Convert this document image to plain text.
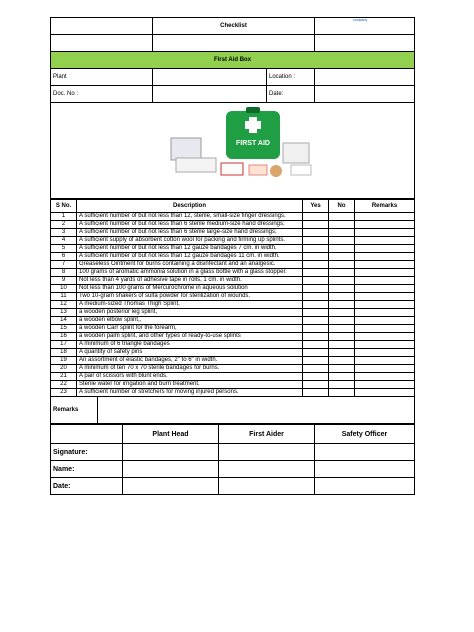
company
	Checklist		

First Aid Box			
Plant		Location :	
Doc. No :		Date:	

FIRST AID			
S No.	Description	Yes	No	Remarks
1	A sufficient number of but not less than 12, sterile, small-size finger dressings.			
2	A sufficient number of but not less than 6 sterile medium-size hand dressings;			
3	A sufficient number of but not less than 6 sterile large-size hand dressings;			
4	A sufficient supply of absorbent cotton wool for packing and firming up splints.			
5	A sufficient number of but not less than 12 gauze bandages 7 cm. in width.			
6	A sufficient number of but not less than 12 gauze bandages 11 cm. in width.			
7	Greaseless Ointment for burns containing a disinfectant and an analgesic.			
8	100 grams of aromatic ammonia solution in a glass bottle with a glass stopper.			
9	Not less than 4 yards of adhesive tape in rolls, 1 cm. in width.			
10	Not less than 100 grams of Mercurochrome in aqueous solution			
11	Two 10-gram shakers of sulfa powder for sterilization of wounds.			
12	A medium-sized Thomas Thigh Splint,			
13	a wooden posterior leg splint,			
14	a wooden elbow splint,,			
15	a wooden Carr splint for the forearm,			
16	a wooden palm splint, and other types of ready-to-use splints			
17	A minimum of 6 triangle bandages			
18	A quantity of safety pins			
19	An assortment of elastic bandages, 2" to 6" in width.			
20	A minimum of ten 70 x 70 sterile bandages for burns.			
21	A pair of scissors with blunt ends.			
22	Sterile water for irrigation and burn treatment.			
23	A sufficient number of stretchers for moving injured persons.			

Remarks				
	Plant Head	First Aider	Safety Officer
Signature:			
Name:			
Date:			
